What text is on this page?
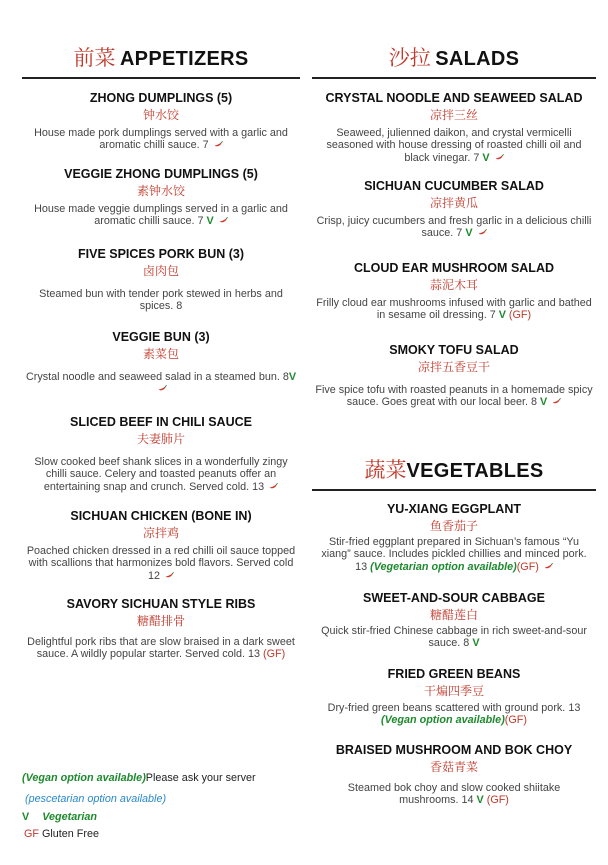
前菜 APPETIZERS
ZHONG DUMPLINGS (5)
钟水饺
House made pork dumplings served with a garlic and aromatic chilli sauce. 7
VEGGIE ZHONG DUMPLINGS (5)
素钟水饺
House made veggie dumplings served in a garlic and aromatic chilli sauce. 7 V
FIVE SPICES PORK BUN (3)
卤肉包
Steamed bun with tender pork stewed in herbs and spices. 8
VEGGIE BUN (3)
素菜包
Crystal noodle and seaweed salad in a steamed bun. 8V
SLICED BEEF IN CHILI SAUCE
夫妻肺片
Slow cooked beef shank slices in a wonderfully zingy chilli sauce. Celery and toasted peanuts offer an entertaining snap and crunch. Served cold. 13
SICHUAN CHICKEN (BONE IN)
凉拌鸡
Poached chicken dressed in a red chilli oil sauce topped with scallions that harmonizes bold flavors. Served cold 12
SAVORY SICHUAN STYLE RIBS
糖醋排骨
Delightful pork ribs that are slow braised in a dark sweet sauce. A wildly popular starter. Served cold. 13 (GF)
沙拉 SALADS
CRYSTAL NOODLE AND SEAWEED SALAD
凉拌三丝
Seaweed, julienned daikon, and crystal vermicelli seasoned with house dressing of roasted chilli oil and black vinegar. 7 V
SICHUAN CUCUMBER SALAD
凉拌黄瓜
Crisp, juicy cucumbers and fresh garlic in a delicious chilli sauce. 7 V
CLOUD EAR MUSHROOM SALAD
蒜泥木耳
Frilly cloud ear mushrooms infused with garlic and bathed in sesame oil dressing. 7 V (GF)
SMOKY TOFU SALAD
凉拌五香豆干
Five spice tofu with roasted peanuts in a homemade spicy sauce. Goes great with our local beer. 8 V
蔬菜VEGETABLES
YU-XIANG EGGPLANT
鱼香茄子
Stir-fried eggplant prepared in Sichuan’s famous “Yu xiang” sauce. Includes pickled chillies and minced pork. 13 (Vegetarian option available)(GF)
SWEET-AND-SOUR CABBAGE
糖醋莲白
Quick stir-fried Chinese cabbage in rich sweet-and-sour sauce. 8 V
FRIED GREEN BEANS
干煸四季豆
Dry-fried green beans scattered with ground pork. 13 (Vegan option available)(GF)
BRAISED MUSHROOM AND BOK CHOY
香菇青菜
Steamed bok choy and slow cooked shiitake mushrooms. 14 V (GF)
(Vegan option available)Please ask your server
(pescetarian option available)
V Vegetarian
GF Gluten Free
